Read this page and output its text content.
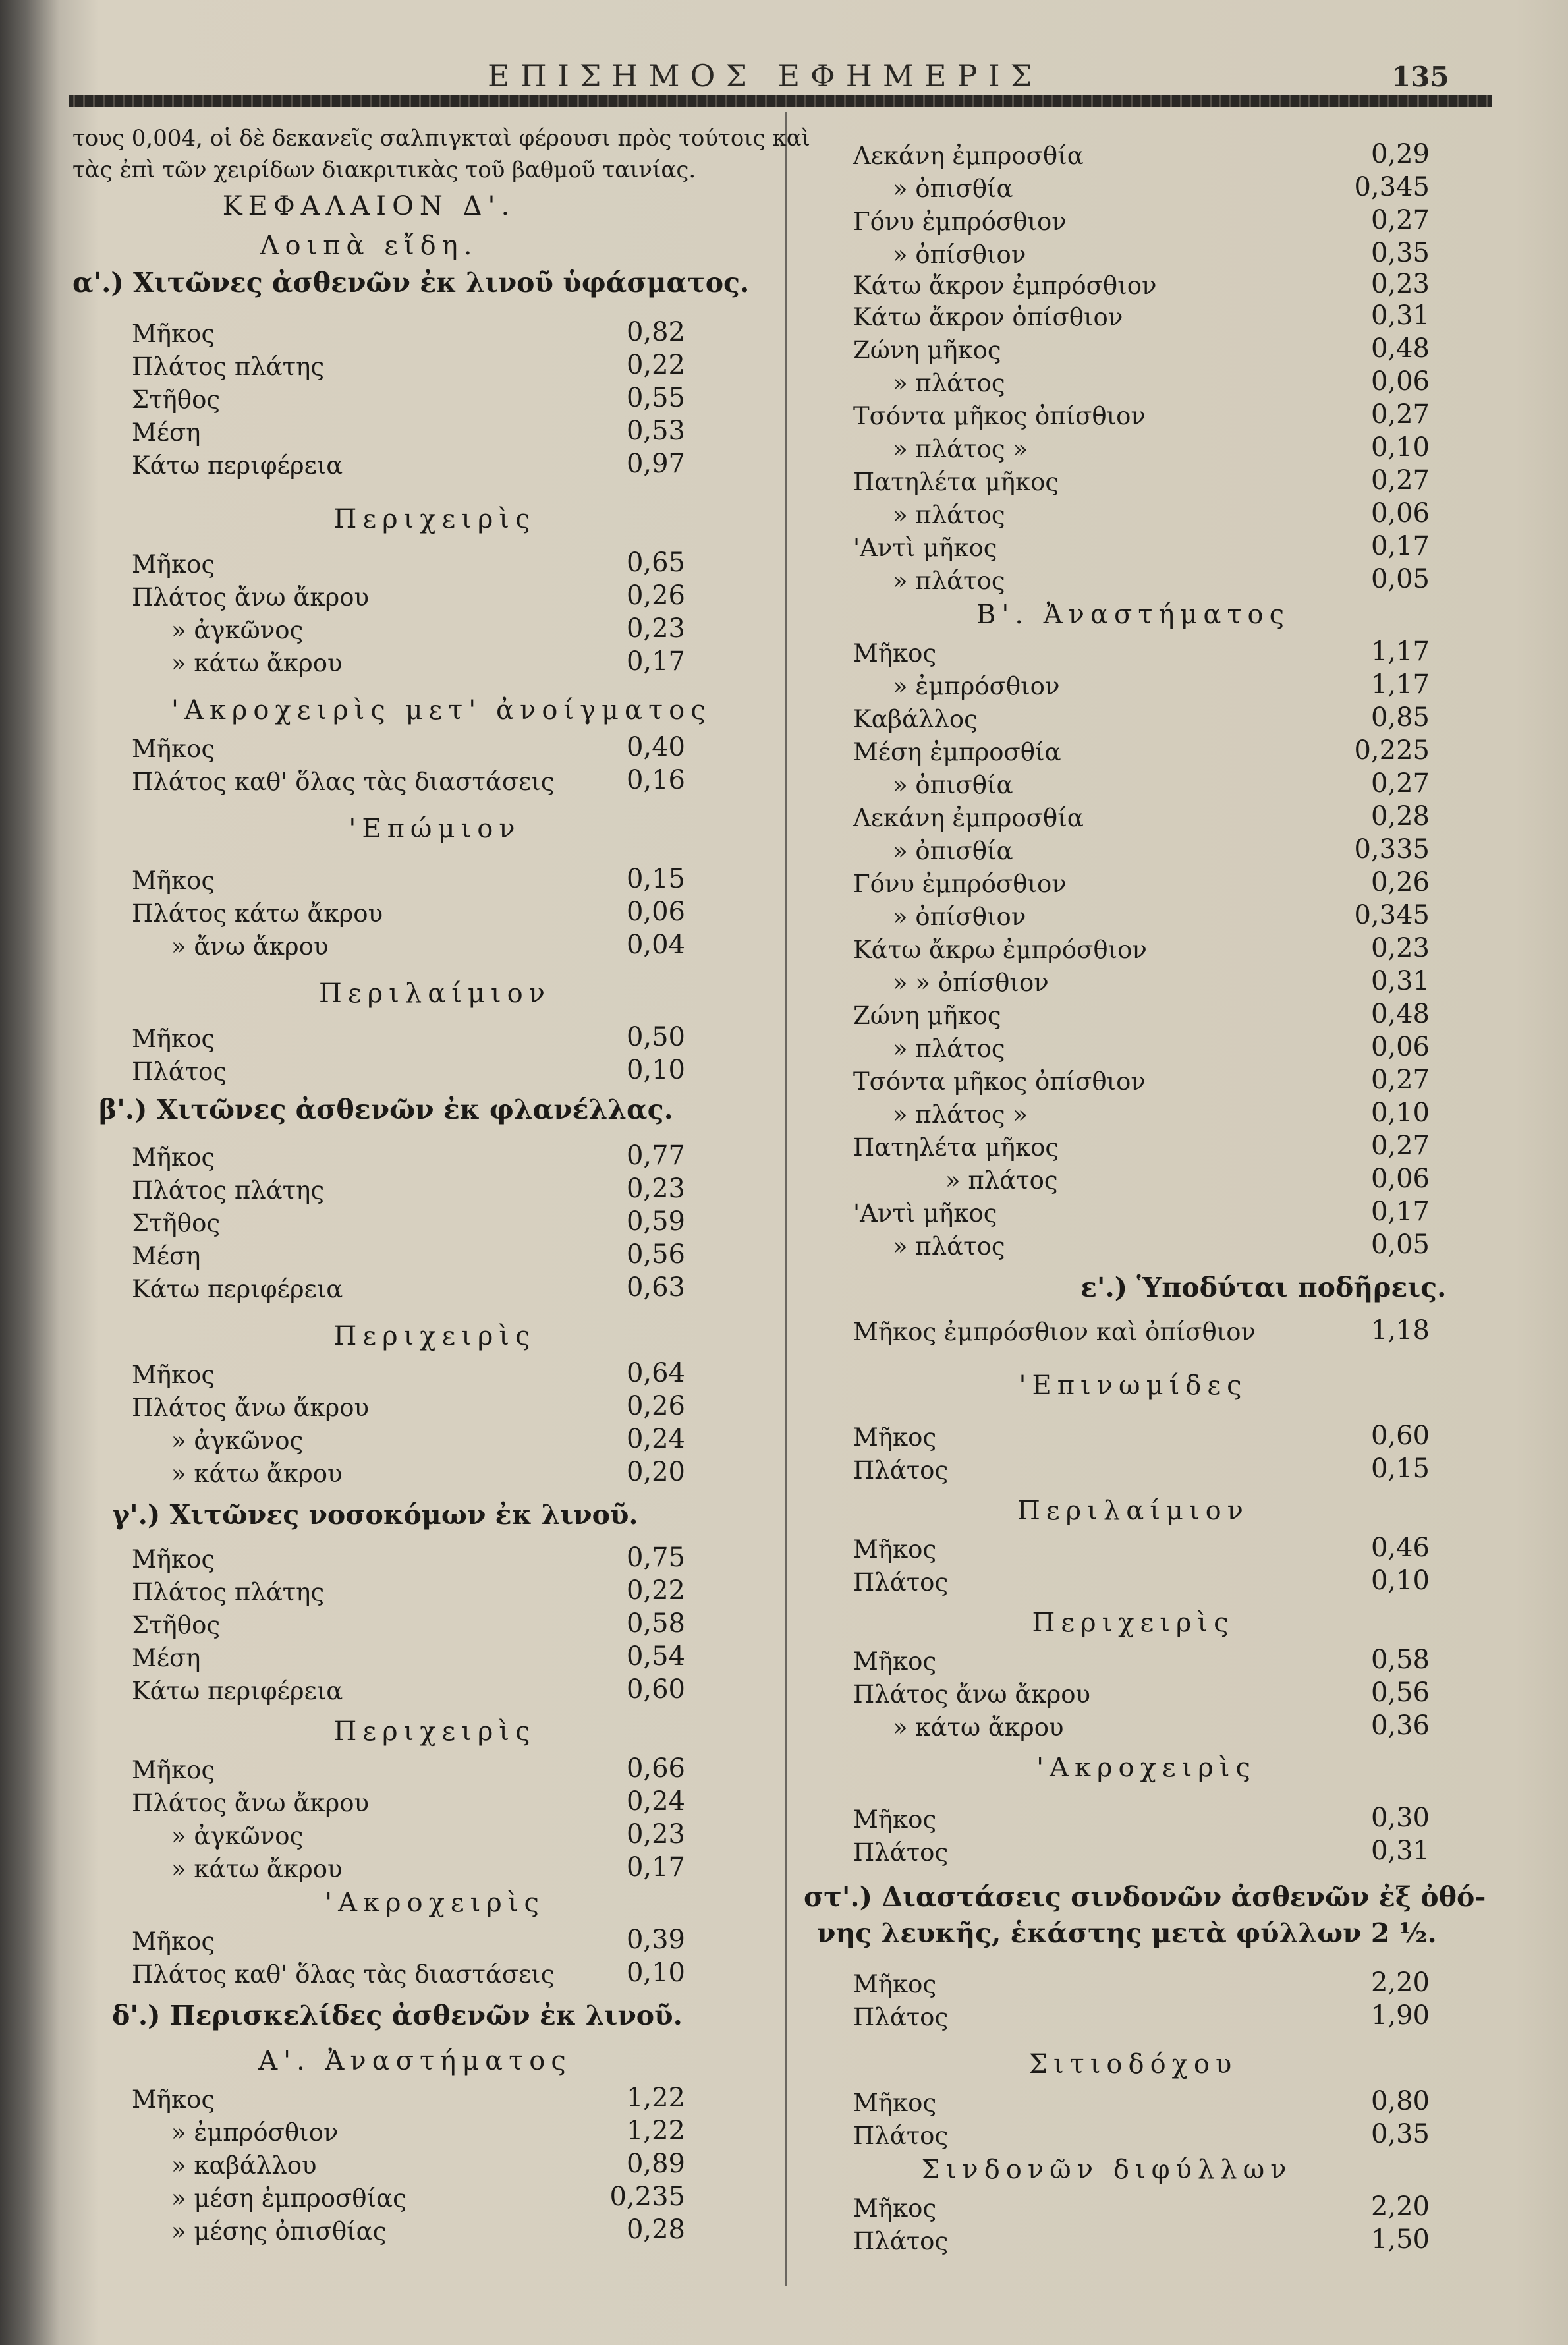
ΕΠΙΣΗΜΟΣ ΕΦΗΜΕΡΙΣ	135
τους 0,004, οἱ δὲ δεκανεῖς σαλπιγκταὶ φέρουσι πρὸς τούτοις καὶ
τὰς ἐπὶ τῶν χειρίδων διακριτικὰς τοῦ βαθμοῦ ταινίας.
ΚΕΦΑΛΑΙΟΝ Δ'.
Λοιπὰ εἴδη.
α'.) Χιτῶνες ἀσθενῶν ἐκ λινοῦ ὑφάσματος.
Μῆκος	0,82
Πλάτος πλάτης	0,22
Στῆθος	0,55
Μέση	0,53
Κάτω περιφέρεια	0,97
Περιχειρὶς
Μῆκος	0,65
Πλάτος ἄνω ἄκρου	0,26
» ἀγκῶνος	0,23
» κάτω ἄκρου	0,17
'Ακροχειρὶς μετ' ἀνοίγματος
Μῆκος	0,40
Πλάτος καθ' ὅλας τὰς διαστάσεις	0,16
'Επώμιον
Μῆκος	0,15
Πλάτος κάτω ἄκρου	0,06
» ἄνω ἄκρου	0,04
Περιλαίμιον
Μῆκος	0,50
Πλάτος	0,10
β'.) Χιτῶνες ἀσθενῶν ἐκ φλανέλλας.
Μῆκος	0,77
Πλάτος πλάτης	0,23
Στῆθος	0,59
Μέση	0,56
Κάτω περιφέρεια	0,63
Περιχειρὶς
Μῆκος	0,64
Πλάτος ἄνω ἄκρου	0,26
» ἀγκῶνος	0,24
» κάτω ἄκρου	0,20
γ'.) Χιτῶνες νοσοκόμων ἐκ λινοῦ.
Μῆκος	0,75
Πλάτος πλάτης	0,22
Στῆθος	0,58
Μέση	0,54
Κάτω περιφέρεια	0,60
Περιχειρὶς
Μῆκος	0,66
Πλάτος ἄνω ἄκρου	0,24
» ἀγκῶνος	0,23
» κάτω ἄκρου	0,17
'Ακροχειρὶς
Μῆκος	0,39
Πλάτος καθ' ὅλας τὰς διαστάσεις	0,10
δ'.) Περισκελίδες ἀσθενῶν ἐκ λινοῦ.
Α'. Ἀναστήματος
Μῆκος	1,22
» ἐμπρόσθιον	1,22
» καβάλλου	0,89
» μέση ἐμπροσθίας	0,235
» μέσης ὀπισθίας	0,28
Λεκάνη ἐμπροσθία	0,29
» ὀπισθία	0,345
Γόνυ ἐμπρόσθιον	0,27
» ὀπίσθιον	0,35
Κάτω ἄκρον ἐμπρόσθιον	0,23
Κάτω ἄκρον ὀπίσθιον	0,31
Ζώνη μῆκος	0,48
» πλάτος	0,06
Τσόντα μῆκος ὀπίσθιον	0,27
» πλάτος »	0,10
Πατηλέτα μῆκος	0,27
» πλάτος	0,06
'Αντὶ μῆκος	0,17
» πλάτος	0,05
Β'. Ἀναστήματος
Μῆκος	1,17
» ἐμπρόσθιον	1,17
Καβάλλος	0,85
Μέση ἐμπροσθία	0,225
» ὀπισθία	0,27
Λεκάνη ἐμπροσθία	0,28
» ὀπισθία	0,335
Γόνυ ἐμπρόσθιον	0,26
» ὀπίσθιον	0,345
Κάτω ἄκρω ἐμπρόσθιον	0,23
» » ὀπίσθιον	0,31
Ζώνη μῆκος	0,48
» πλάτος	0,06
Τσόντα μῆκος ὀπίσθιον	0,27
» πλάτος »	0,10
Πατηλέτα μῆκος	0,27
» πλάτος	0,06
'Αντὶ μῆκος	0,17
» πλάτος	0,05
ε'.) Ὑποδύται ποδῆρεις.
Μῆκος ἐμπρόσθιον καὶ ὀπίσθιον	1,18
'Επινωμίδες
Μῆκος	0,60
Πλάτος	0,15
Περιλαίμιον
Μῆκος	0,46
Πλάτος	0,10
Περιχειρὶς
Μῆκος	0,58
Πλάτος ἄνω ἄκρου	0,56
» κάτω ἄκρου	0,36
'Ακροχειρὶς
Μῆκος	0,30
Πλάτος	0,31
στ'.) Διαστάσεις σινδονῶν ἀσθενῶν ἐξ ὀθό-
νης λευκῆς, ἑκάστης μετὰ φύλλων 2 ½.
Μῆκος	2,20
Πλάτος	1,90
Σιτιοδόχου
Μῆκος	0,80
Πλάτος	0,35
Σινδονῶν διφύλλων
Μῆκος	2,20
Πλάτος	1,50
